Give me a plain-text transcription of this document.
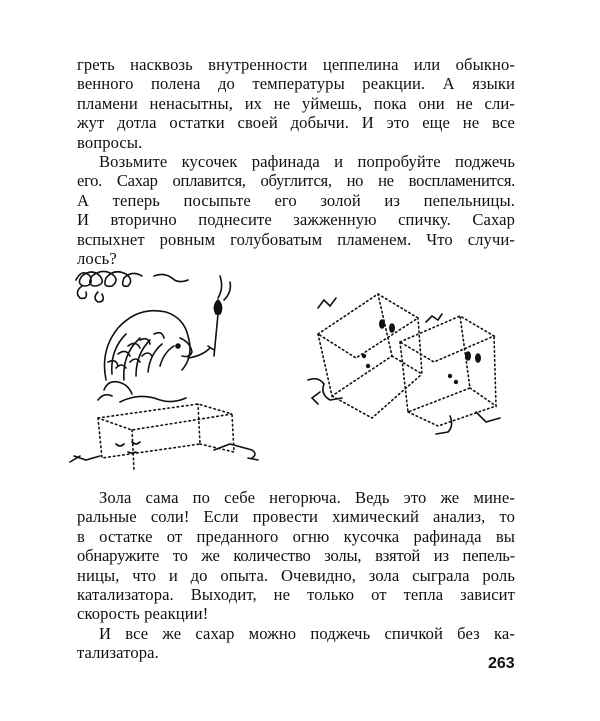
греть насквозь внутренности цеппелина или обыкно-
венного полена до температуры реакции. А языки
пламени ненасытны, их не уймешь, пока они не сли-
жут дотла остатки своей добычи. И это еще не все
вопросы.

Возьмите кусочек рафинада и попробуйте поджечь
его. Сахар оплавится, обуглится, но не воспламенится.
А теперь посыпьте его золой из пепельницы.
И вторично поднесите зажженную спичку. Сахар
вспыхнет ровным голубоватым пламенем. Что случи-
лось?

Зола сама по себе негорюча. Ведь это же мине-
ральные соли! Если провести химический анализ, то
в остатке от преданного огню кусочка рафинада вы
обнаружите то же количество золы, взятой из пепель-
ницы, что и до опыта. Очевидно, зола сыграла роль
катализатора. Выходит, не только от тепла зависит
скорость реакции!

И все же сахар можно поджечь спичкой без ка-
тализатора.

263
